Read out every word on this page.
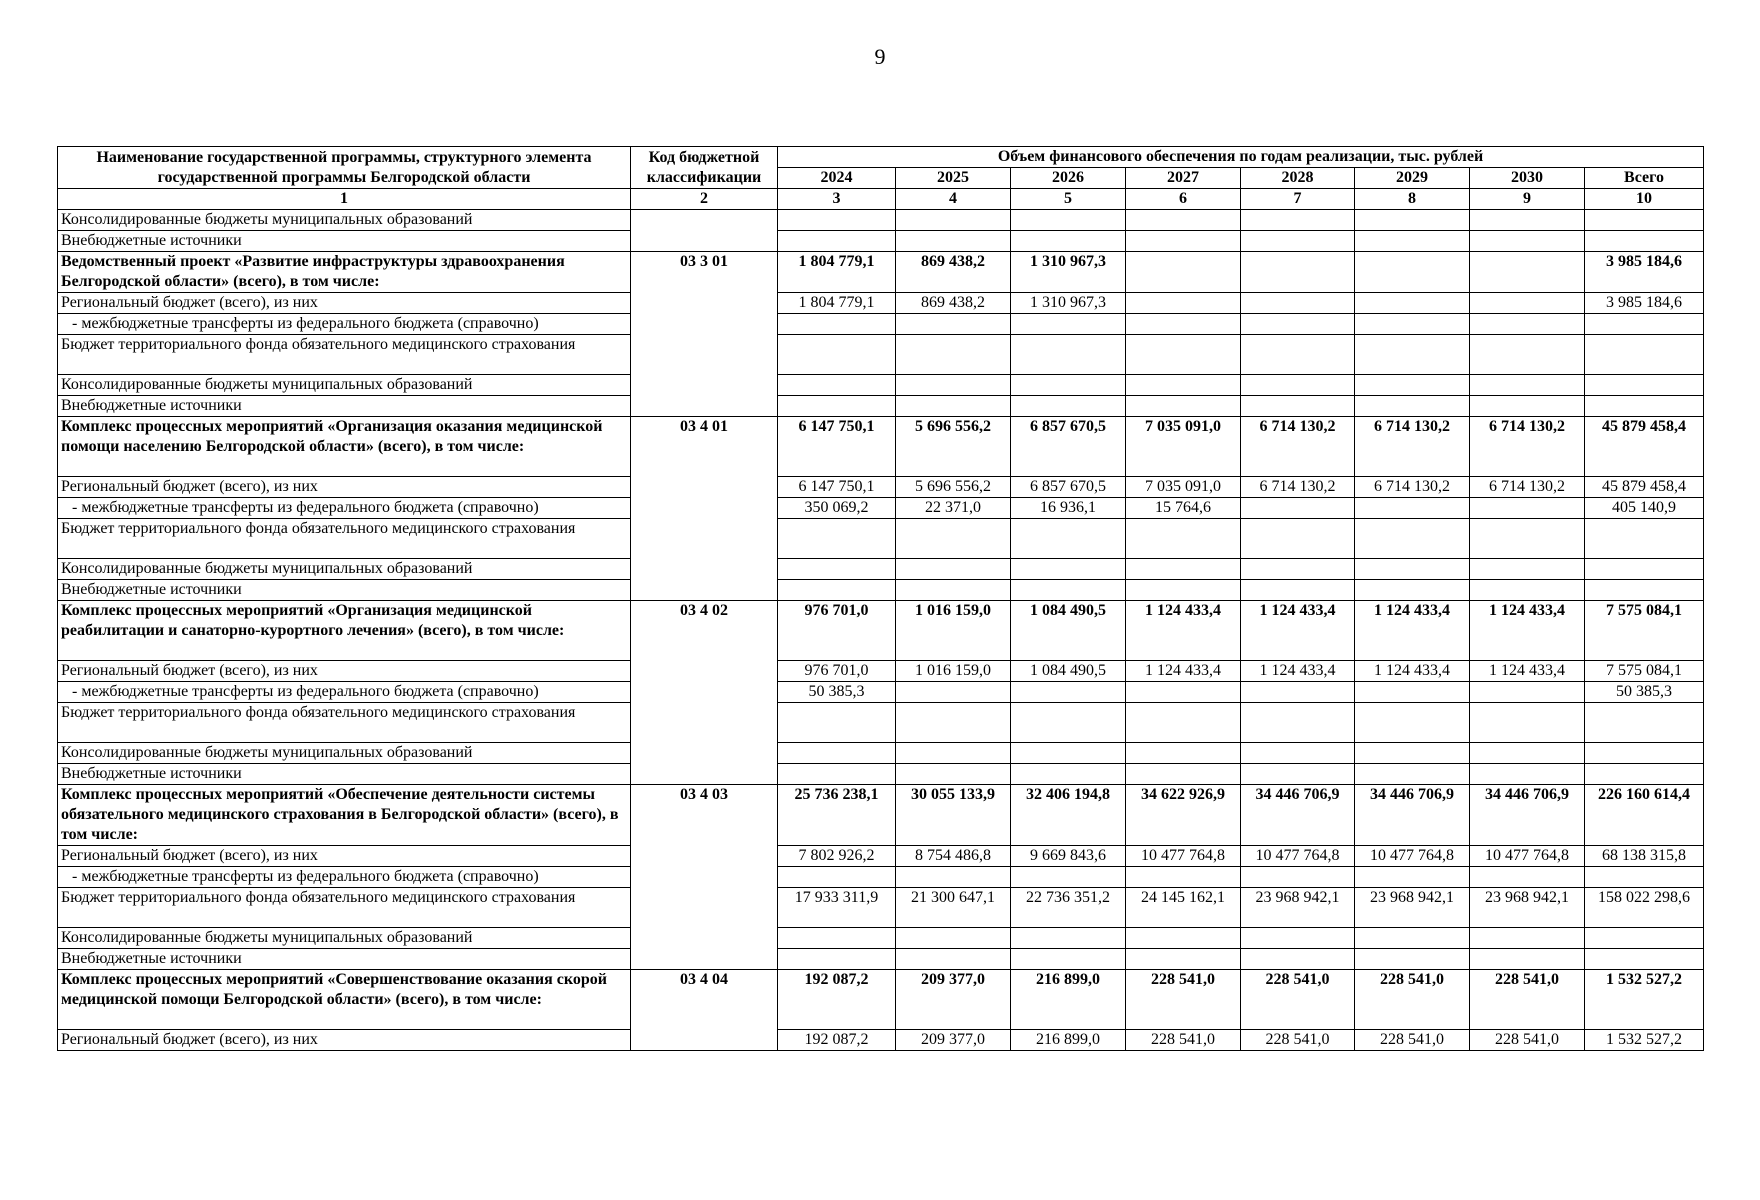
9
Наименование государственной программы, структурного элемента государственной программы Белгородской области	Код бюджетной классификации	Объем финансового обеспечения по годам реализации, тыс. рублей							
		2024	2025	2026	2027	2028	2029	2030	Всего
1	2	3	4	5	6	7	8	9	10
Консолидированные бюджеты муниципальных образований									
Внебюджетные источники									
Ведомственный проект «Развитие инфраструктуры здравоохранения Белгородской области» (всего), в том числе:	03 3 01	1 804 779,1	869 438,2	1 310 967,3					3 985 184,6
Региональный бюджет (всего), из них		1 804 779,1	869 438,2	1 310 967,3					3 985 184,6
- межбюджетные трансферты из федерального бюджета (справочно)									
Бюджет территориального фонда обязательного медицинского страхования									
Консолидированные бюджеты муниципальных образований									
Внебюджетные источники									
Комплекс процессных мероприятий «Организация оказания медицинской помощи населению Белгородской области» (всего), в том числе:	03 4 01	6 147 750,1	5 696 556,2	6 857 670,5	7 035 091,0	6 714 130,2	6 714 130,2	6 714 130,2	45 879 458,4
Региональный бюджет (всего), из них		6 147 750,1	5 696 556,2	6 857 670,5	7 035 091,0	6 714 130,2	6 714 130,2	6 714 130,2	45 879 458,4
- межбюджетные трансферты из федерального бюджета (справочно)		350 069,2	22 371,0	16 936,1	15 764,6				405 140,9
Бюджет территориального фонда обязательного медицинского страхования									
Консолидированные бюджеты муниципальных образований									
Внебюджетные источники									
Комплекс процессных мероприятий «Организация медицинской реабилитации и санаторно-курортного лечения» (всего), в том числе:	03 4 02	976 701,0	1 016 159,0	1 084 490,5	1 124 433,4	1 124 433,4	1 124 433,4	1 124 433,4	7 575 084,1
Региональный бюджет (всего), из них		976 701,0	1 016 159,0	1 084 490,5	1 124 433,4	1 124 433,4	1 124 433,4	1 124 433,4	7 575 084,1
- межбюджетные трансферты из федерального бюджета (справочно)		50 385,3							50 385,3
Бюджет территориального фонда обязательного медицинского страхования									
Консолидированные бюджеты муниципальных образований									
Внебюджетные источники									
Комплекс процессных мероприятий «Обеспечение деятельности системы обязательного медицинского страхования в Белгородской области» (всего), в том числе:	03 4 03	25 736 238,1	30 055 133,9	32 406 194,8	34 622 926,9	34 446 706,9	34 446 706,9	34 446 706,9	226 160 614,4
Региональный бюджет (всего), из них		7 802 926,2	8 754 486,8	9 669 843,6	10 477 764,8	10 477 764,8	10 477 764,8	10 477 764,8	68 138 315,8
- межбюджетные трансферты из федерального бюджета (справочно)									
Бюджет территориального фонда обязательного медицинского страхования		17 933 311,9	21 300 647,1	22 736 351,2	24 145 162,1	23 968 942,1	23 968 942,1	23 968 942,1	158 022 298,6
Консолидированные бюджеты муниципальных образований									
Внебюджетные источники									
Комплекс процессных мероприятий «Совершенствование оказания скорой медицинской помощи Белгородской области» (всего), в том числе:	03 4 04	192 087,2	209 377,0	216 899,0	228 541,0	228 541,0	228 541,0	228 541,0	1 532 527,2
Региональный бюджет (всего), из них		192 087,2	209 377,0	216 899,0	228 541,0	228 541,0	228 541,0	228 541,0	1 532 527,2
